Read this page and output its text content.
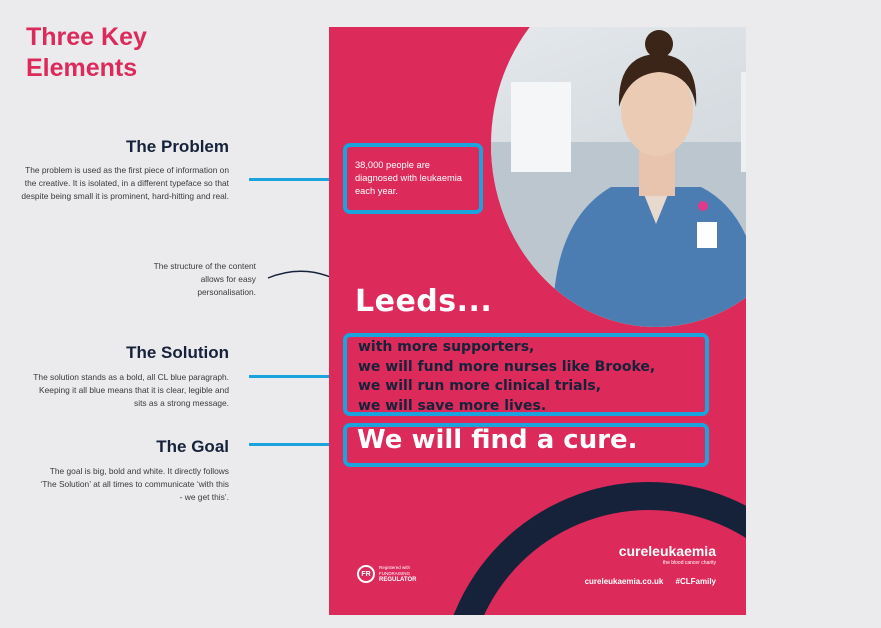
Three Key
Elements
The Problem
The problem is used as the first piece of information on the creative. It is isolated, in a different typeface so that despite being small it is prominent, hard-hitting and real.
The structure of the content allows for easy personalisation.
The Solution
The solution stands as a bold, all CL blue paragraph. Keeping it all blue means that it is clear, legible and sits as a strong message.
The Goal
The goal is big, bold and white. It directly follows ‘The Solution’ at all times to communicate ‘with this - we get this’.
38,000 people are diagnosed with leukaemia each year.
Leeds...
with more supporters,
we will fund more nurses like Brooke,
we will run more clinical trials,
we will save more lives.
We will find a cure.
cureleukaemia
the blood cancer charity
cureleukaemia.co.uk #CLFamily
FR
Registered with
FUNDRAISING
REGULATOR
